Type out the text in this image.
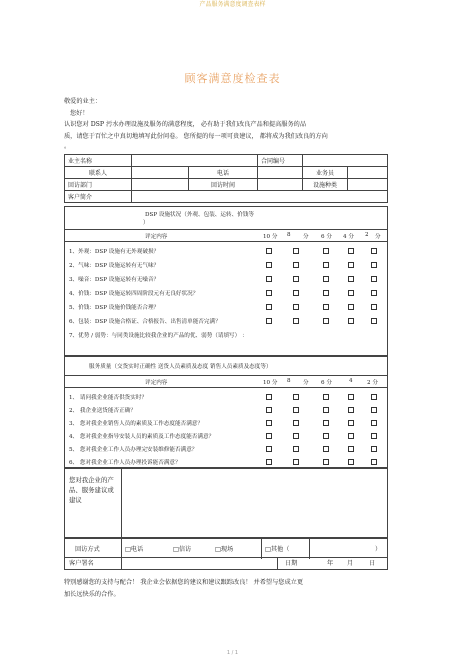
产品服务满意度调查表样
顾客满意度检查表
敬爱的业主：
您好！
认识您对 DSP 污水办理设施及服务的满意程度， 必有助于我们改良产品和提高服务的品
质，请您于百忙之中真切地填写此份问卷。 您所提的每一项可贵建议， 都将成为我们改良的方向
。
业主名称			合同编号		
联系人		电话		业务员	
回访部门		回访时间		设施种类	
客户简介					
DSP 设施状况（外观、包装、运转、价钱等
）
评定内容	10 分 8 分 6 分 4 分 2 分
1、外观：DSP 设施有无外观破损？
2、气味：DSP 设施运转有无气味？
3、噪音：DSP 设施运转有无噪音？
4、价钱：DSP 设施运转四周阶段元有无良好状况？
5、价钱：DSP 设施价钱能否合理？
6、包装：DSP 设施合格证、合格报告、出售清单能否完满？
7、优势 / 弱势：与同类设施比较我企业的产品的优、弱势（请填写） ：
服务质量（交货实时正确性 送货人员素质及态度 销售人员素质及态度等）
评定内容	10 分 8 分 6 分	4	2 分
1、 请问我企业能否供货实时？
2、 我企业送货能否正确？
3、 您对我企业销售人员的素质及工作态度能否满意？
4、 您对我企业指导安装人员的素质及工作态度能否满意？
5、 您对我企业工作人员办理完安装维修能否满意？
6、 您对我企业工作人员办理投诉能否满意？
您对我企业的产品、服务建议或建议
回访方式	□电话	□信访	□现场	□其他（	）
客户署名	日期	年 月	日
特别感谢您的支持与配合！ 我企业会依据您的建议和建议跟踪改良！ 并希望与您成立更
加长远快乐的合作。
1 / 1
